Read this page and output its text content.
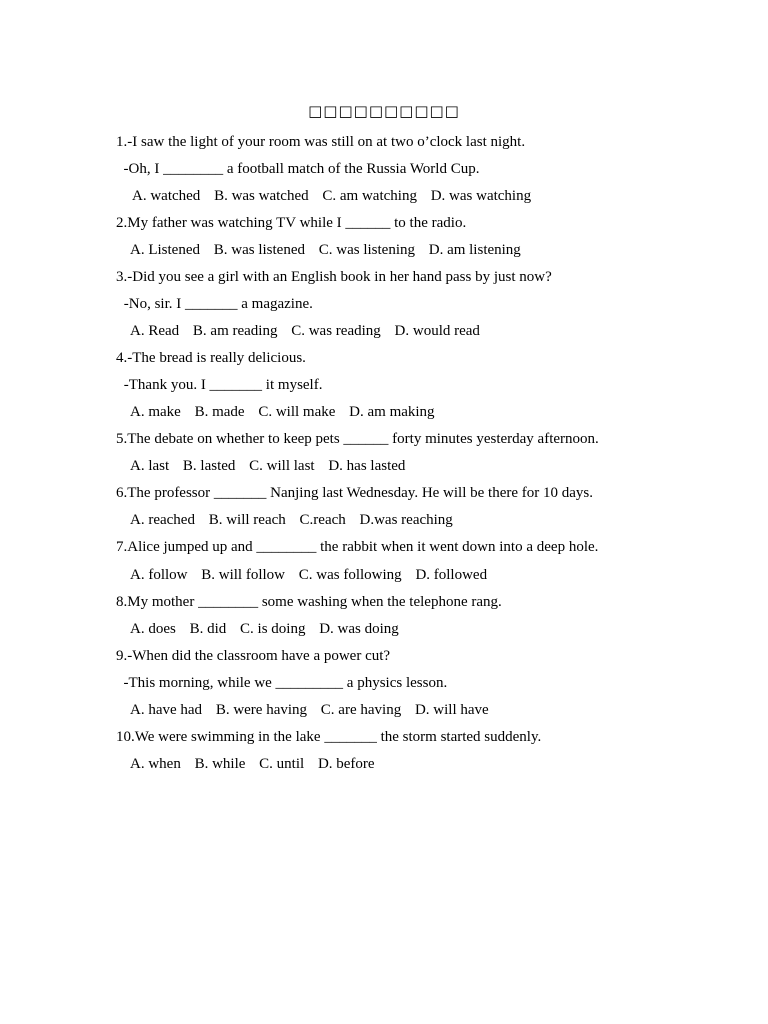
□□□□□□□□□□
1.-I saw the light of your room was still on at two o’clock last night.
-Oh, I ________ a football match of the Russia World Cup.
A. watched B. was watched C. am watching D. was watching
2.My father was watching TV while I ______ to the radio.
A. Listened B. was listened C. was listening D. am listening
3.-Did you see a girl with an English book in her hand pass by just now?
-No, sir. I _______ a magazine.
A. Read B. am reading C. was reading D. would read
4.-The bread is really delicious.
-Thank you. I _______ it myself.
A. make B. made C. will make D. am making
5.The debate on whether to keep pets ______ forty minutes yesterday afternoon.
A. last B. lasted C. will last D. has lasted
6.The professor _______ Nanjing last Wednesday. He will be there for 10 days.
A. reached B. will reach C.reach D.was reaching
7.Alice jumped up and ________ the rabbit when it went down into a deep hole.
A. follow B. will follow C. was following D. followed
8.My mother ________ some washing when the telephone rang.
A. does B. did C. is doing D. was doing
9.-When did the classroom have a power cut?
-This morning, while we _________ a physics lesson.
A. have had B. were having C. are having D. will have
10.We were swimming in the lake _______ the storm started suddenly.
A. when B. while C. until D. before
